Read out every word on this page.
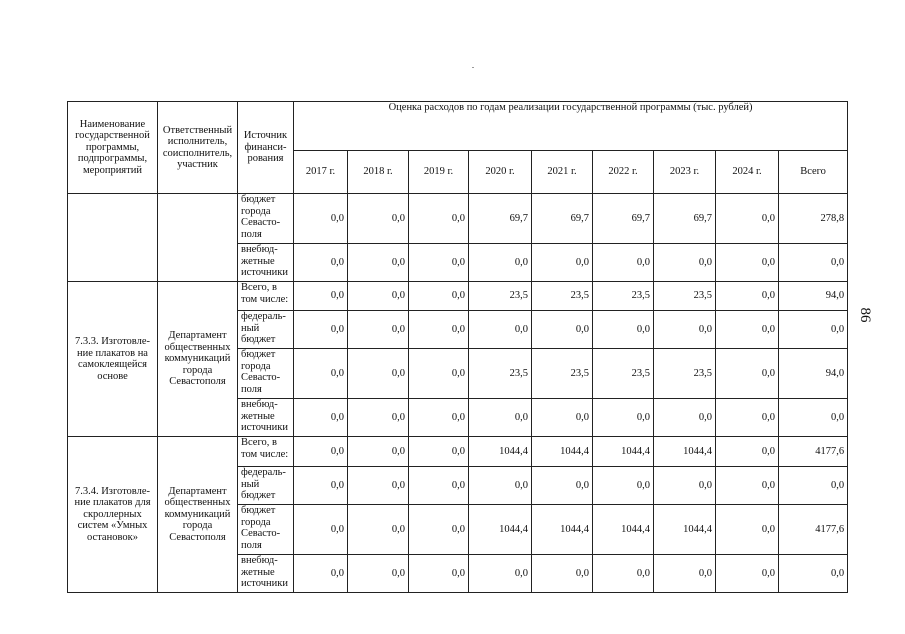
Наименование государственной программы, подпрограммы, мероприятий	Ответственный исполнитель, соисполнитель, участник	Источник финанси-рования	Оценка расходов по годам реализации государственной программы (тыс. рублей)								
			2017 г.	2018 г.	2019 г.	2020 г.	2021 г.	2022 г.	2023 г.	2024 г.	Всего
		бюджет города Севасто-поля	0,0	0,0	0,0	69,7	69,7	69,7	69,7	0,0	278,8
		внебюд-жетные источники	0,0	0,0	0,0	0,0	0,0	0,0	0,0	0,0	0,0
7.3.3. Изготовле-ние плакатов на самоклеящейся основе	Департамент общественных коммуникаций города Севастополя	Всего, в том числе:	0,0	0,0	0,0	23,5	23,5	23,5	23,5	0,0	94,0
		федераль-ный бюджет	0,0	0,0	0,0	0,0	0,0	0,0	0,0	0,0	0,0
		бюджет города Севасто-поля	0,0	0,0	0,0	23,5	23,5	23,5	23,5	0,0	94,0
		внебюд-жетные источники	0,0	0,0	0,0	0,0	0,0	0,0	0,0	0,0	0,0
7.3.4. Изготовле-ние плакатов для скроллерных систем «Умных остановок»	Департамент общественных коммуникаций города Севастополя	Всего, в том числе:	0,0	0,0	0,0	1044,4	1044,4	1044,4	1044,4	0,0	4177,6
		федераль-ный бюджет	0,0	0,0	0,0	0,0	0,0	0,0	0,0	0,0	0,0
		бюджет города Севасто-поля	0,0	0,0	0,0	1044,4	1044,4	1044,4	1044,4	0,0	4177,6
		внебюд-жетные источники	0,0	0,0	0,0	0,0	0,0	0,0	0,0	0,0	0,0
86
